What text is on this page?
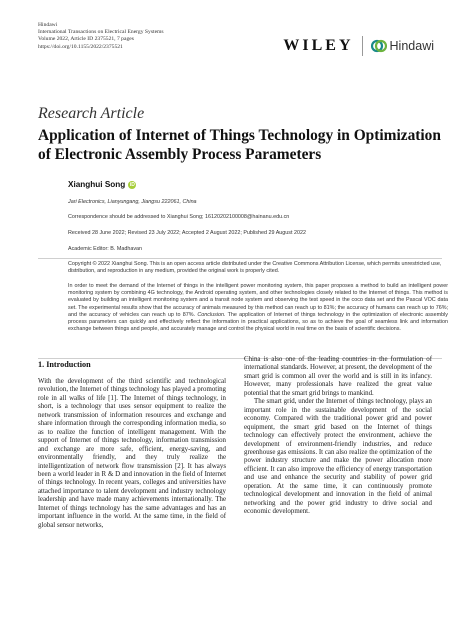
Hindawi
International Transactions on Electrical Energy Systems
Volume 2022, Article ID 2375521, 7 pages
https://doi.org/10.1155/2022/2375521	WILEY	Hindawi
Research Article
Application of Internet of Things Technology in Optimization of Electronic Assembly Process Parameters
Xianghui Song iD
Jari Electronics, Lianyungang, Jiangsu 222061, China
Correspondence should be addressed to Xianghui Song; 16120202100008@hainanu.edu.cn
Received 28 June 2022; Revised 23 July 2022; Accepted 2 August 2022; Published 29 August 2022
Academic Editor: B. Madhavan
Copyright © 2022 Xianghui Song. This is an open access article distributed under the Creative Commons Attribution License, which permits unrestricted use, distribution, and reproduction in any medium, provided the original work is properly cited.
In order to meet the demand of the Internet of things in the intelligent power monitoring system, this paper proposes a method to build an intelligent power monitoring system by combining 4G technology, the Android operating system, and other technologies closely related to the Internet of things. This method is evaluated by building an intelligent monitoring system and a transit node system and observing the test speed in the coco data set and the Pascal VOC data set. The experimental results show that the accuracy of animals measured by this method can reach up to 81%; the accuracy of humans can reach up to 76%; and the accuracy of vehicles can reach up to 87%. Conclusion. The application of Internet of things technology in the optimization of electronic assembly process parameters can quickly and effectively reflect the information in practical applications, so as to achieve the goal of seamless link and information exchange between things and people, and accurately manage and control the physical world in real time on the basis of scientific decisions.
1. Introduction

With the development of the third scientific and technological revolution, the Internet of things technology has played a promoting role in all walks of life [1]. The Internet of things technology, in short, is a technology that uses sensor equipment to realize the network transmission of information resources and exchange and share information through the corresponding information media, so as to realize the function of intelligent management. With the support of Internet of things technology, information transmission and exchange are more safe, efficient, energy-saving, and environmentally friendly, and they truly realize the intelligentization of network flow transmission [2]. It has always been a world leader in R & D and innovation in the field of Internet of things technology. In recent years, colleges and universities have attached importance to talent development and industry technology leadership and have made many achievements internationally. The Internet of things technology has the same advantages and has an important influence in the world. At the same time, in the field of global sensor networks,

China is also one of the leading countries in the formulation of international standards. However, at present, the development of the smart grid is common all over the world and is still in its infancy. However, many professionals have realized the great value potential that the smart grid brings to mankind.

The smart grid, under the Internet of things technology, plays an important role in the sustainable development of the social economy. Compared with the traditional power grid and power equipment, the smart grid based on the Internet of things technology can effectively protect the environment, achieve the development of environment-friendly industries, and reduce greenhouse gas emissions. It can also realize the optimization of the power industry structure and make the power allocation more efficient. It can also improve the efficiency of energy transportation and use and enhance the security and stability of power grid operation. At the same time, it can continuously promote technological development and innovation in the field of animal networking and the power grid industry to drive social and economic development.
